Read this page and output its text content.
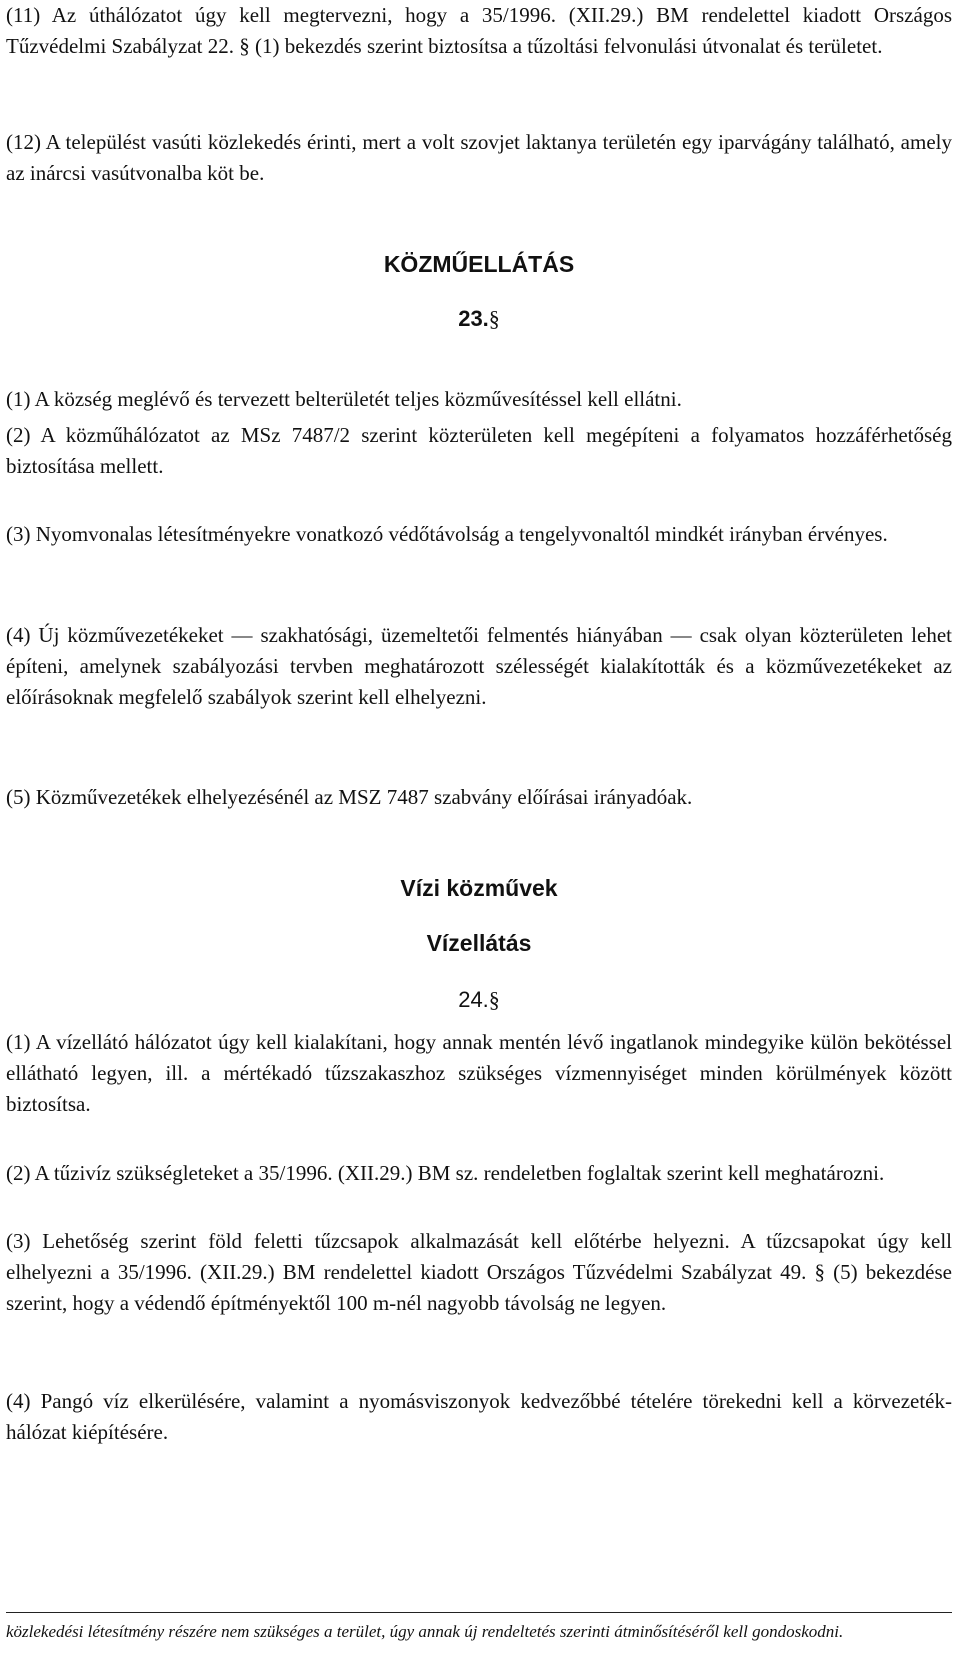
(11) Az úthálózatot úgy kell megtervezni, hogy a 35/1996. (XII.29.) BM rendelettel kiadott Országos Tűzvédelmi Szabályzat 22. § (1) bekezdés szerint biztosítsa a tűzoltási felvonulási útvonalat és területet.

(12) A települést vasúti közlekedés érinti, mert a volt szovjet laktanya területén egy iparvágány található, amely az inárcsi vasútvonalba köt be.

KÖZMŰELLÁTÁS
23.§

(1) A község meglévő és tervezett belterületét teljes közművesítéssel kell ellátni.

(2) A közműhálózatot az MSz 7487/2 szerint közterületen kell megépíteni a folyamatos hozzáférhetőség biztosítása mellett.

(3) Nyomvonalas létesítményekre vonatkozó védőtávolság a tengelyvonaltól mindkét irányban érvényes.

(4) Új közművezetékeket — szakhatósági, üzemeltetői felmentés hiányában — csak olyan közterületen lehet építeni, amelynek szabályozási tervben meghatározott szélességét kialakították és a közművezetékeket az előírásoknak megfelelő szabályok szerint kell elhelyezni.

(5) Közművezetékek elhelyezésénél az MSZ 7487 szabvány előírásai irányadóak.

Vízi közművek
Vízellátás
24.§

(1) A vízellátó hálózatot úgy kell kialakítani, hogy annak mentén lévő ingatlanok mindegyike külön bekötéssel ellátható legyen, ill. a mértékadó tűzszakaszhoz szükséges vízmennyiséget minden körülmények között biztosítsa.

(2) A tűzivíz szükségleteket a 35/1996. (XII.29.) BM sz. rendeletben foglaltak szerint kell meghatározni.

(3) Lehetőség szerint föld feletti tűzcsapok alkalmazását kell előtérbe helyezni. A tűzcsapokat úgy kell elhelyezni a 35/1996. (XII.29.) BM rendelettel kiadott Országos Tűzvédelmi Szabályzat 49. § (5) bekezdése szerint, hogy a védendő építményektől 100 m-nél nagyobb távolság ne legyen.

(4) Pangó víz elkerülésére, valamint a nyomásviszonyok kedvezőbbé tételére törekedni kell a körvezeték-hálózat kiépítésére.

közlekedési létesítmény részére nem szükséges a terület, úgy annak új rendeltetés szerinti átminősítéséről kell gondoskodni.
